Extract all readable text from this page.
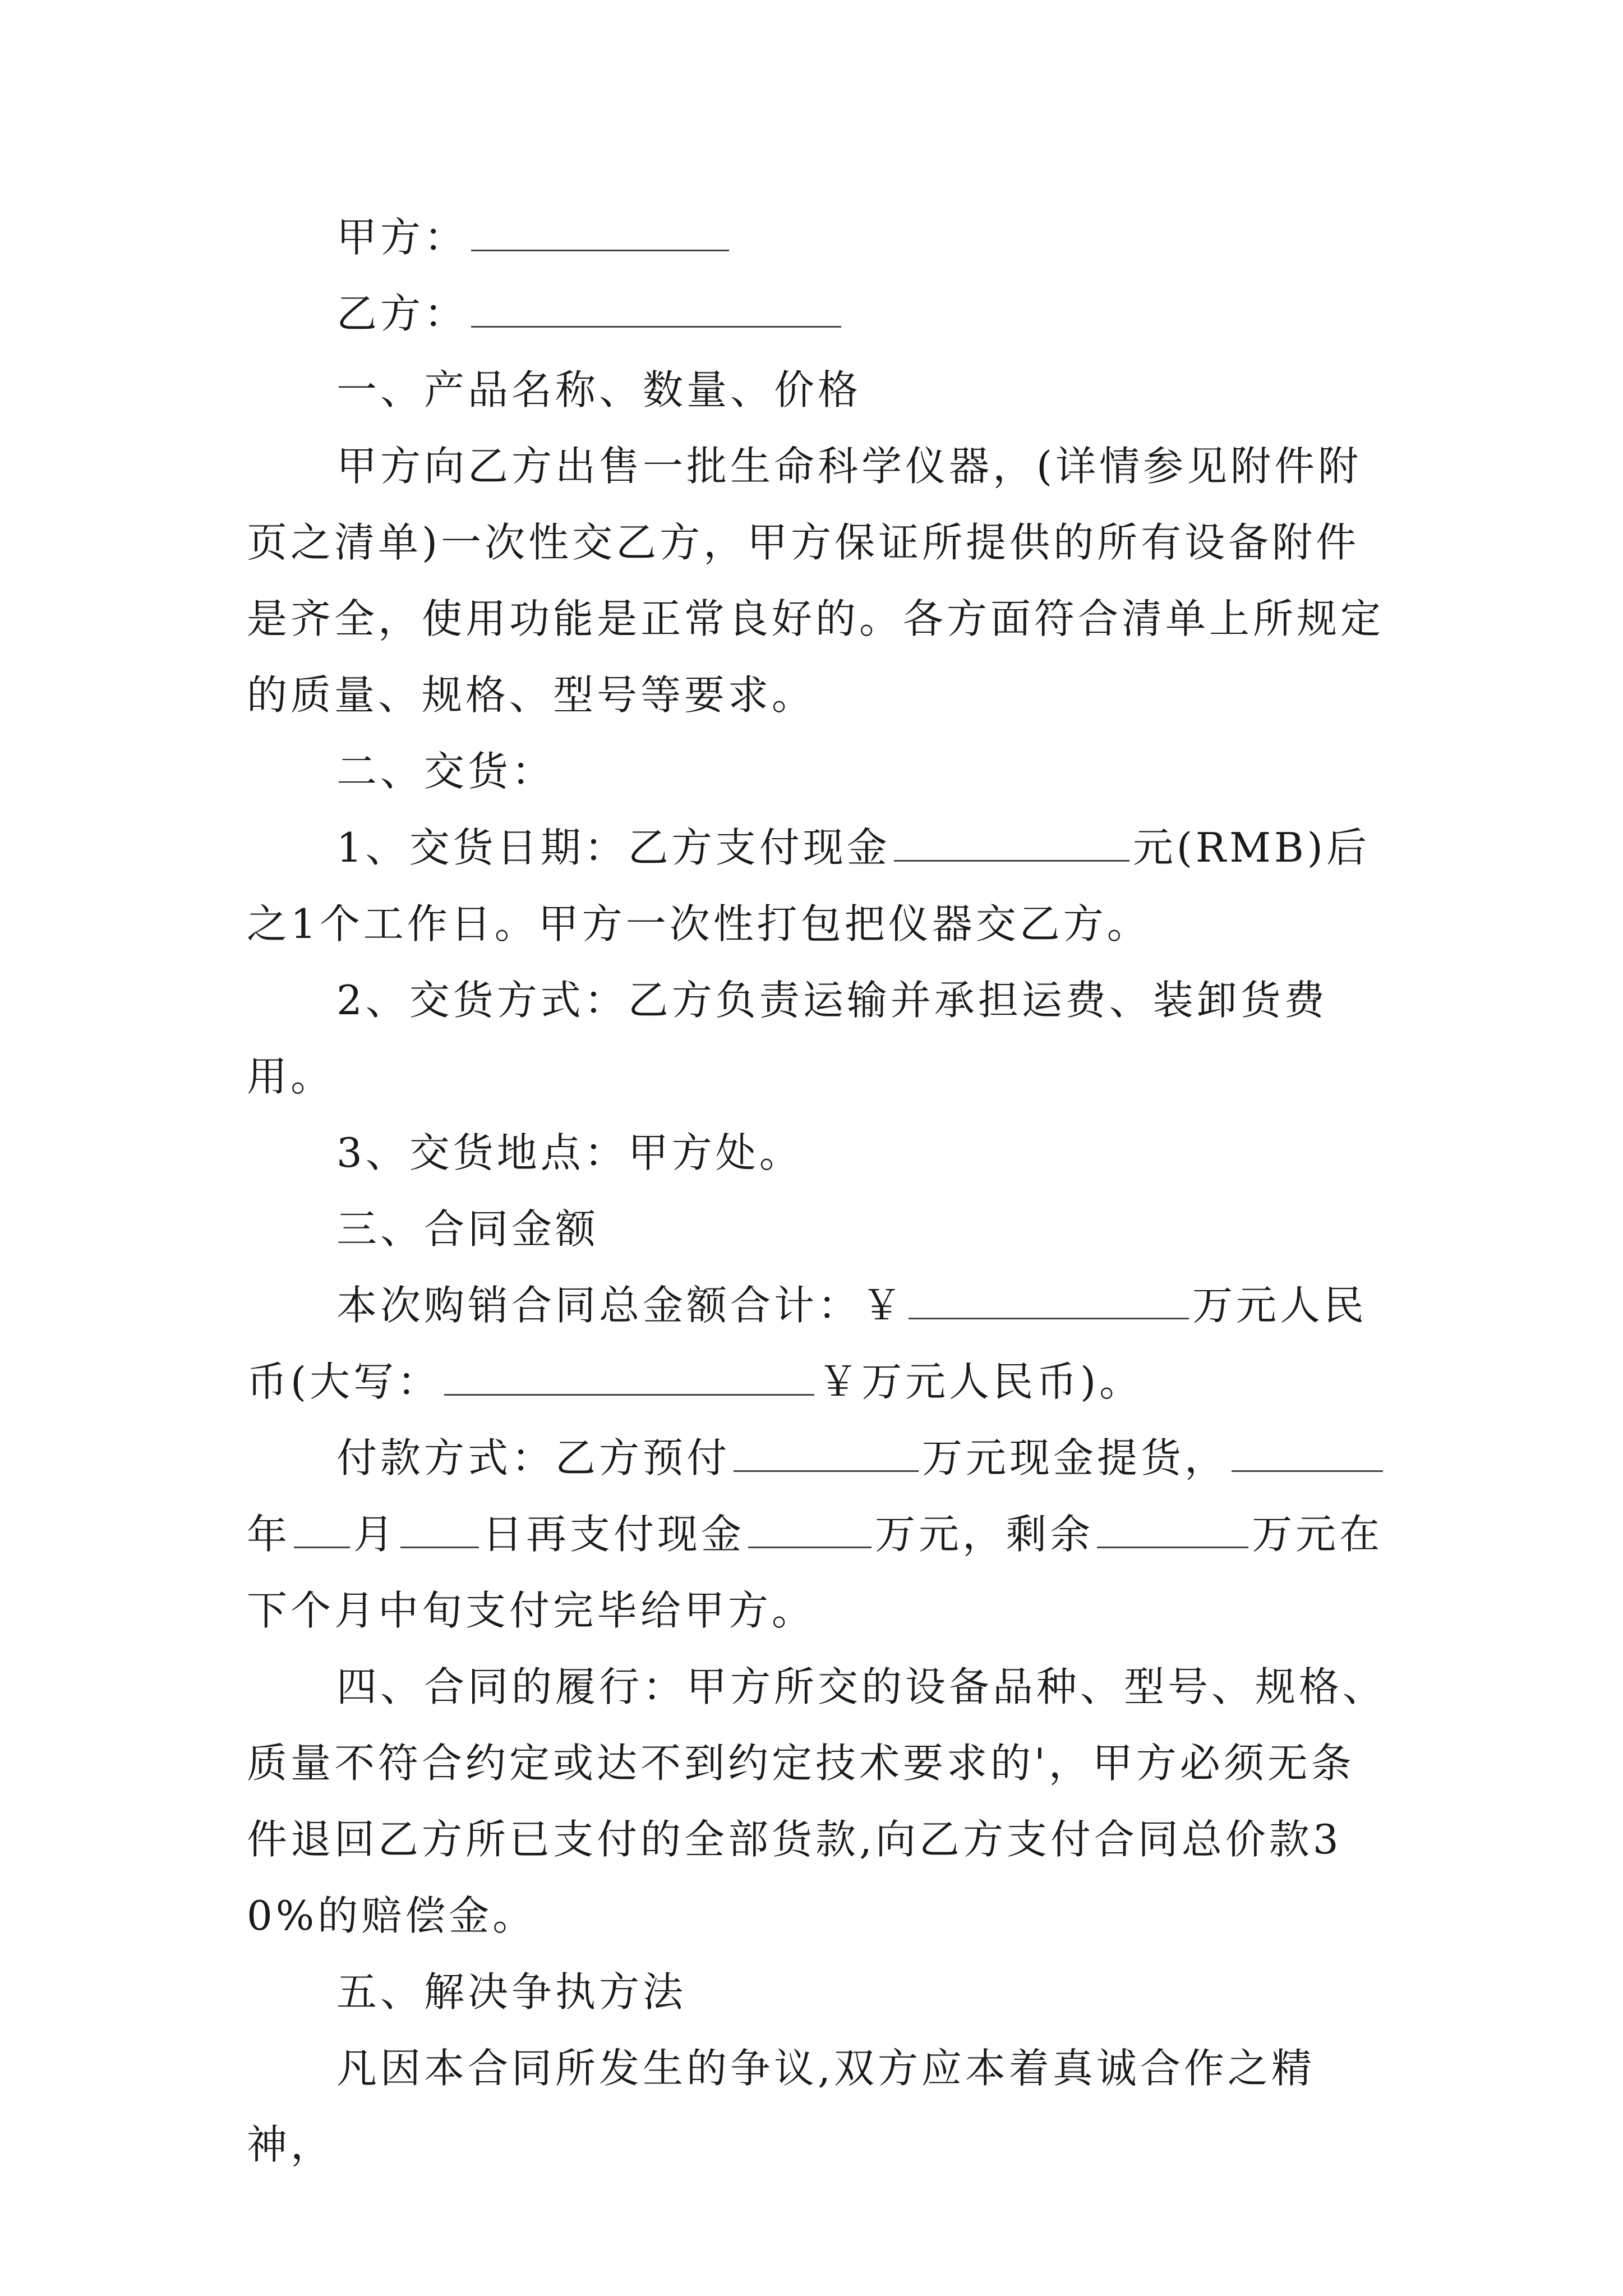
甲方：

乙方：

一、产品名称、数量、价格

甲方向乙方出售一批生命科学仪器，(详情参见附件附页之清单)一次性交乙方，甲方保证所提供的所有设备附件是齐全，使用功能是正常良好的。各方面符合清单上所规定的质量、规格、型号等要求。

二、交货：

1、交货日期：乙方支付现金	元(RMB)后之1个工作日。甲方一次性打包把仪器交乙方。

2、交货方式：乙方负责运输并承担运费、装卸货费用。

3、交货地点：甲方处。

三、合同金额

本次购销合同总金额合计：￥	万元人民币(大写：	￥万元人民币)。

付款方式：乙方预付	万元现金提货，年 月 日再支付现金	万元，剩余	万元在下个月中旬支付完毕给甲方。

四、合同的履行：甲方所交的设备品种、型号、规格、质量不符合约定或达不到约定技术要求的'，甲方必须无条件退回乙方所已支付的全部货款,向乙方支付合同总价款30%的赔偿金。

五、解决争执方法

凡因本合同所发生的争议,双方应本着真诚合作之精神，
